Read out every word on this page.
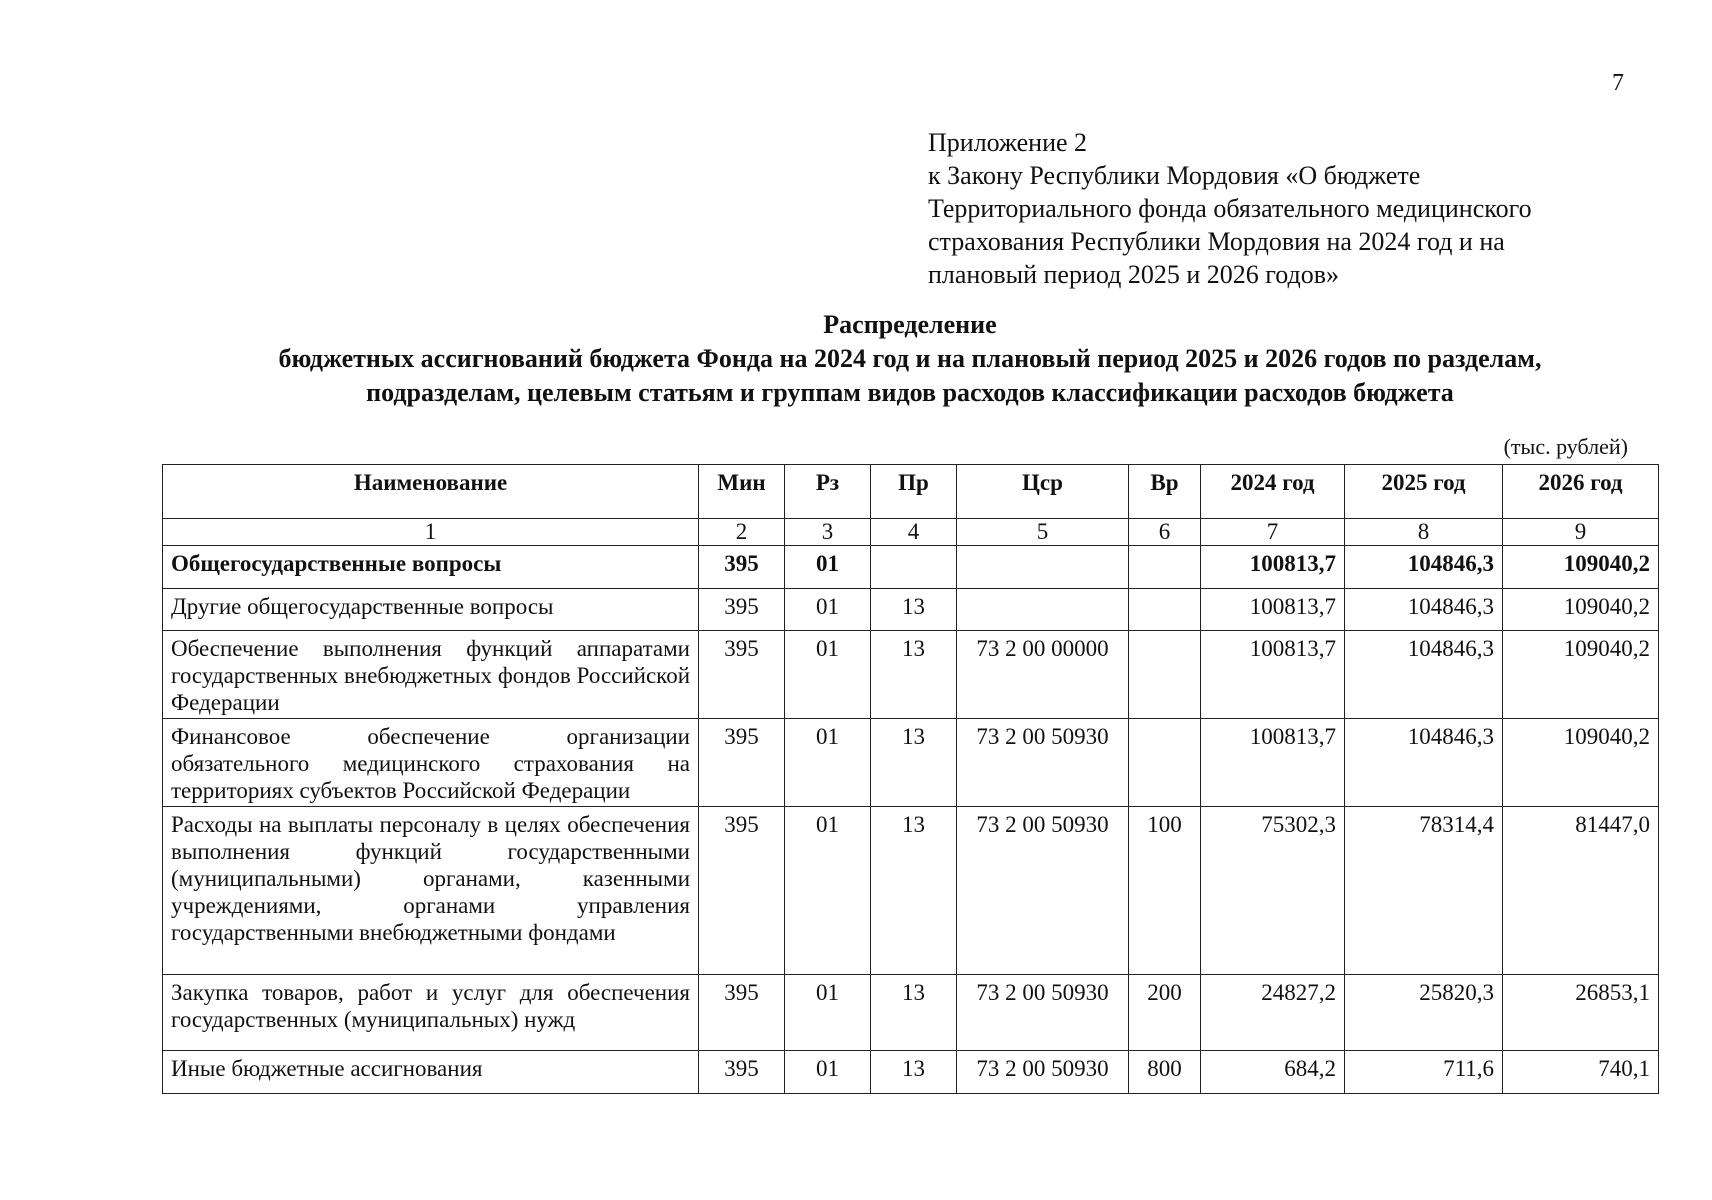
7
Приложение 2
к Закону Республики Мордовия «О бюджете
Территориального фонда обязательного медицинского
страхования Республики Мордовия на 2024 год и на
плановый период 2025 и 2026 годов»
Распределение
бюджетных ассигнований бюджета Фонда на 2024 год и на плановый период 2025 и 2026 годов по разделам,
подразделам, целевым статьям и группам видов расходов классификации расходов бюджета
(тыс. рублей)
Наименование	Мин	Рз	Пр	Цср	Вр	2024 год	2025 год	2026 год
1	2	3	4	5	6	7	8	9
Общегосударственные вопросы	395	01				100813,7	104846,3	109040,2
Другие общегосударственные вопросы	395	01	13			100813,7	104846,3	109040,2
Обеспечение выполнения функций аппаратами государственных внебюджетных фондов Российской Федерации	395	01	13	73 2 00 00000		100813,7	104846,3	109040,2
Финансовое обеспечение организации обязательного медицинского страхования на территориях субъектов Российской Федерации	395	01	13	73 2 00 50930		100813,7	104846,3	109040,2
Расходы на выплаты персоналу в целях обеспечения выполнения функций государственными (муниципальными) органами, казенными учреждениями, органами управления государственными внебюджетными фондами	395	01	13	73 2 00 50930	100	75302,3	78314,4	81447,0
Закупка товаров, работ и услуг для обеспечения государственных (муниципальных) нужд	395	01	13	73 2 00 50930	200	24827,2	25820,3	26853,1
Иные бюджетные ассигнования	395	01	13	73 2 00 50930	800	684,2	711,6	740,1
